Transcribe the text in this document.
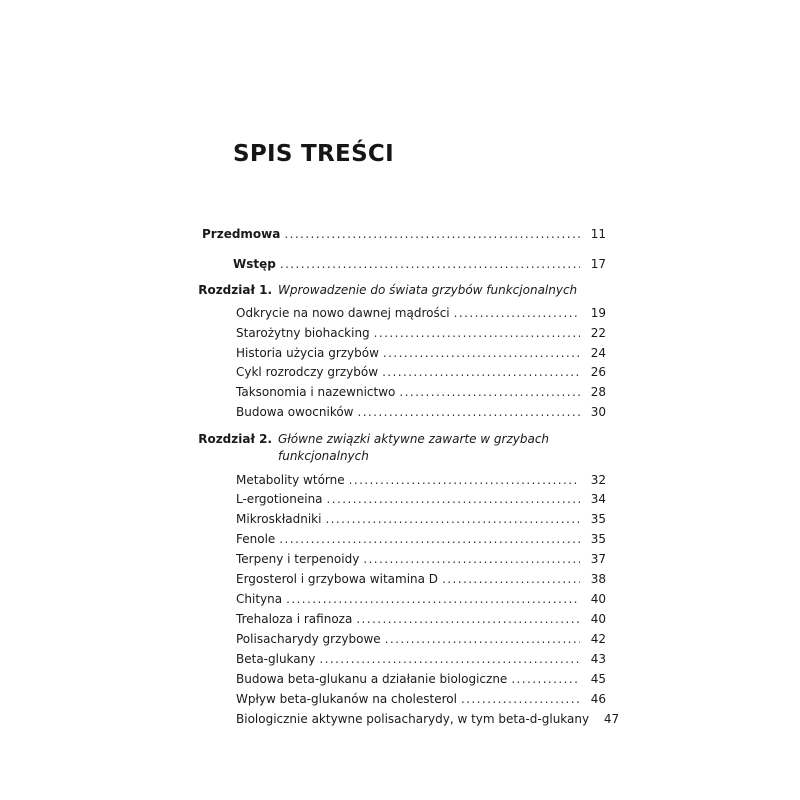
SPIS TREŚCI
Przedmowa . . .	11
Wstęp . . .	17
Rozdział 1. Wprowadzenie do świata grzybów funkcjonalnych
Odkrycie na nowo dawnej mądrości . . .	19
Starożytny biohacking . . .	22
Historia użycia grzybów . . .	24
Cykl rozrodczy grzybów . . .	26
Taksonomia i nazewnictwo . . .	28
Budowa owocników . . .	30
Rozdział 2. Główne związki aktywne zawarte w grzybach funkcjonalnych
Metabolity wtórne . . .	32
L-ergotioneina . . .	34
Mikroskładniki . . .	35
Fenole . . .	35
Terpeny i terpenoidy . . .	37
Ergosterol i grzybowa witamina D . . .	38
Chityna . . .	40
Trehaloza i rafinoza . . .	40
Polisacharydy grzybowe . . .	42
Beta-glukany . . .	43
Budowa beta-glukanu a działanie biologiczne . . .	45
Wpływ beta-glukanów na cholesterol . . .	46
Biologicznie aktywne polisacharydy, w tym beta-d-glukany	47
